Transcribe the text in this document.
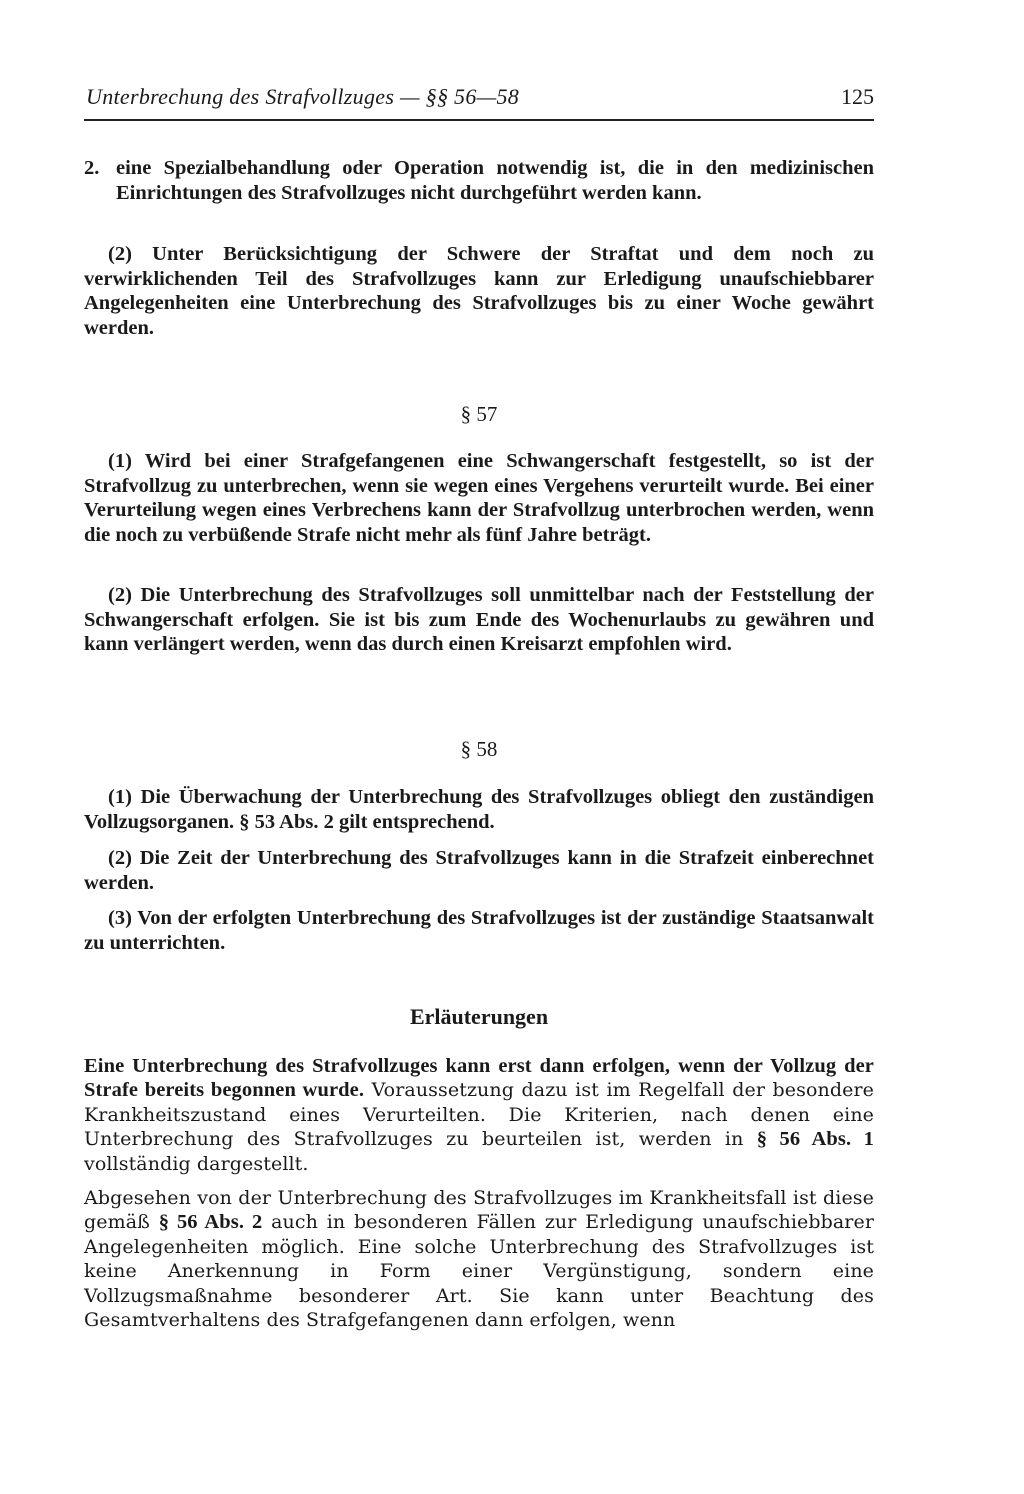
Unterbrechung des Strafvollzuges — §§ 56—58	125
2. eine Spezialbehandlung oder Operation notwendig ist, die in den medizinischen Einrichtungen des Strafvollzuges nicht durchgeführt werden kann.

(2) Unter Berücksichtigung der Schwere der Straftat und dem noch zu verwirklichenden Teil des Strafvollzuges kann zur Erledigung unaufschiebbarer Angelegenheiten eine Unterbrechung des Strafvollzuges bis zu einer Woche gewährt werden.

§ 57

(1) Wird bei einer Strafgefangenen eine Schwangerschaft festgestellt, so ist der Strafvollzug zu unterbrechen, wenn sie wegen eines Vergehens verurteilt wurde. Bei einer Verurteilung wegen eines Verbrechens kann der Strafvollzug unterbrochen werden, wenn die noch zu verbüßende Strafe nicht mehr als fünf Jahre beträgt.

(2) Die Unterbrechung des Strafvollzuges soll unmittelbar nach der Feststellung der Schwangerschaft erfolgen. Sie ist bis zum Ende des Wochenurlaubs zu gewähren und kann verlängert werden, wenn das durch einen Kreisarzt empfohlen wird.

§ 58

(1) Die Überwachung der Unterbrechung des Strafvollzuges obliegt den zuständigen Vollzugsorganen. § 53 Abs. 2 gilt entsprechend.

(2) Die Zeit der Unterbrechung des Strafvollzuges kann in die Strafzeit einberechnet werden.

(3) Von der erfolgten Unterbrechung des Strafvollzuges ist der zuständige Staatsanwalt zu unterrichten.

Erläuterungen

Eine Unterbrechung des Strafvollzuges kann erst dann erfolgen, wenn der Vollzug der Strafe bereits begonnen wurde. Voraussetzung dazu ist im Regelfall der besondere Krankheitszustand eines Verurteilten. Die Kriterien, nach denen eine Unterbrechung des Strafvollzuges zu beurteilen ist, werden in § 56 Abs. 1 vollständig dargestellt.

Abgesehen von der Unterbrechung des Strafvollzuges im Krankheitsfall ist diese gemäß § 56 Abs. 2 auch in besonderen Fällen zur Erledigung unaufschiebbarer Angelegenheiten möglich. Eine solche Unterbrechung des Strafvollzuges ist keine Anerkennung in Form einer Vergünstigung, sondern eine Vollzugsmaßnahme besonderer Art. Sie kann unter Beachtung des Gesamtverhaltens des Strafgefangenen dann erfolgen, wenn
